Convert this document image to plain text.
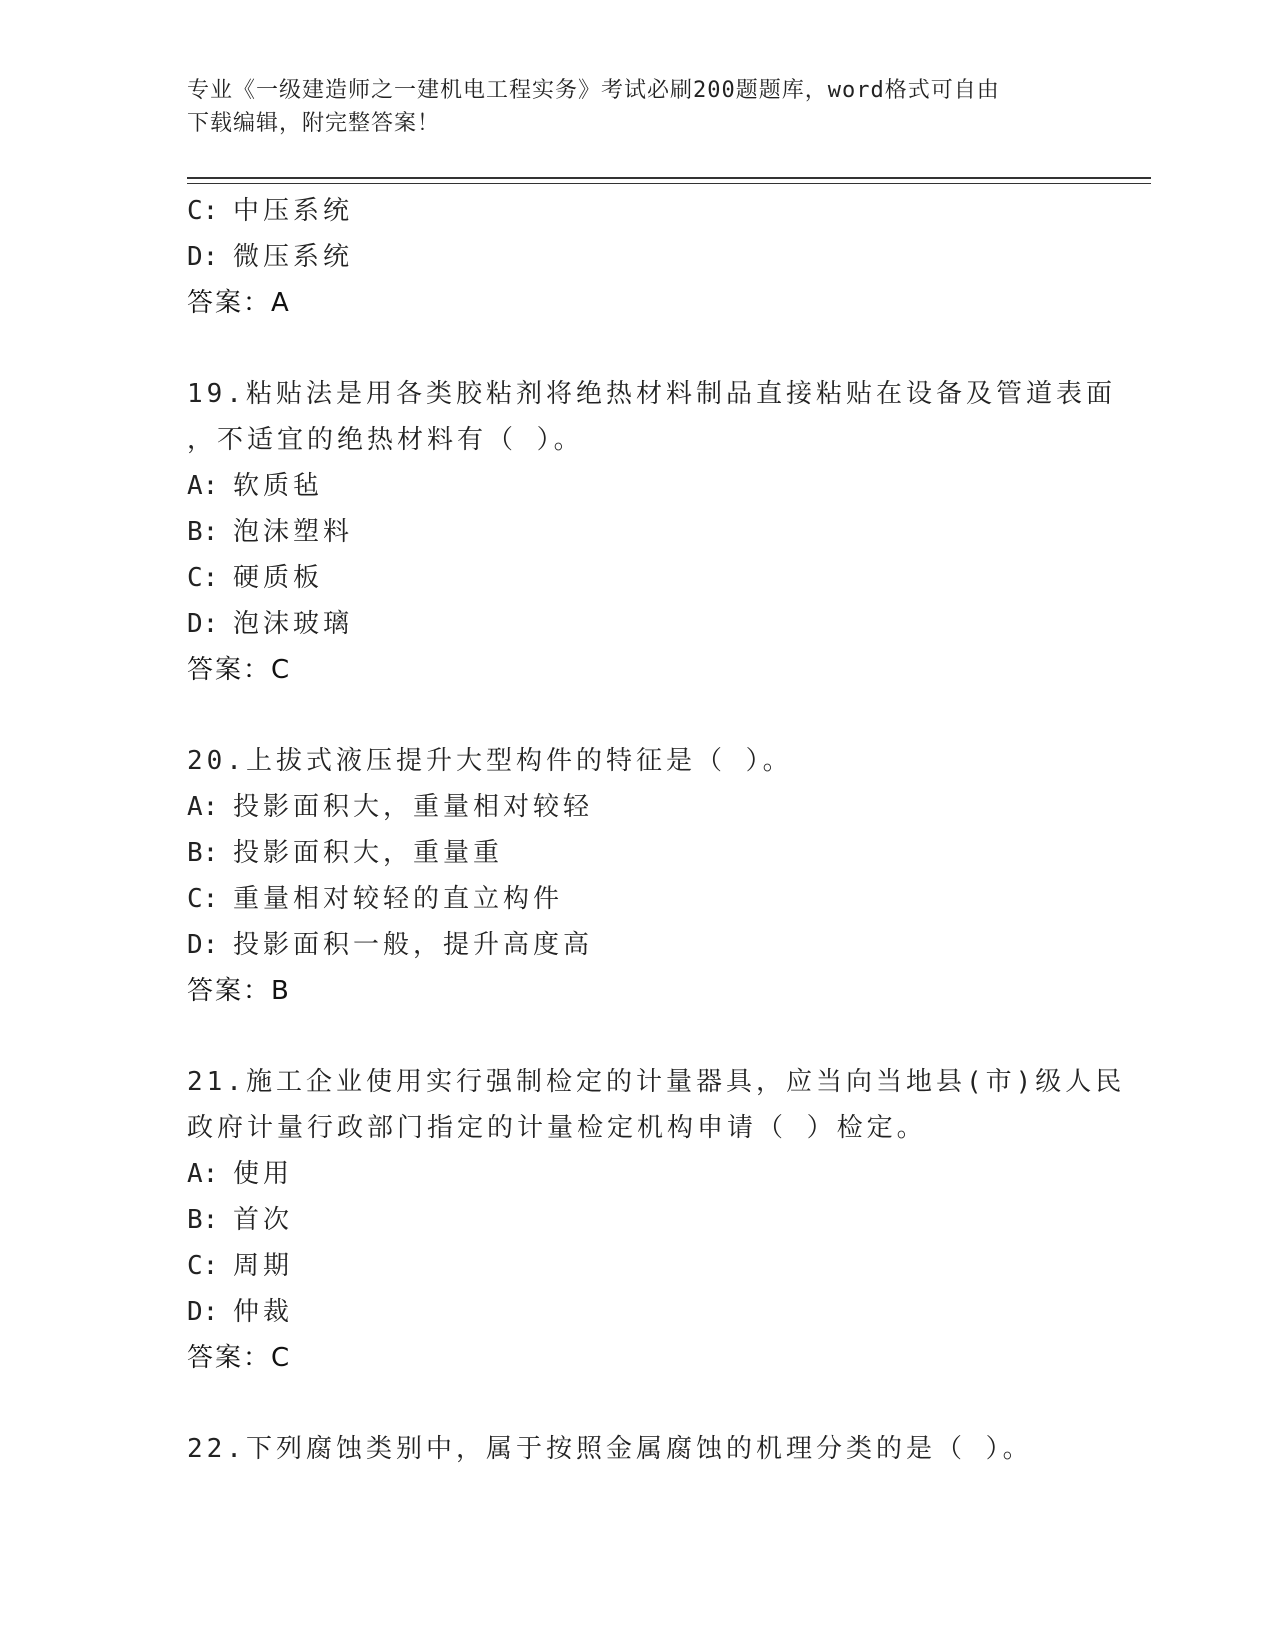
专业《一级建造师之一建机电工程实务》考试必刷200题题库，word格式可自由
下载编辑，附完整答案！
C: 中压系统
D: 微压系统
答案：A
19.粘贴法是用各类胶粘剂将绝热材料制品直接粘贴在设备及管道表面
，不适宜的绝热材料有（ ）。
A: 软质毡
B: 泡沫塑料
C: 硬质板
D: 泡沫玻璃
答案：C
20.上拔式液压提升大型构件的特征是（ ）。
A: 投影面积大，重量相对较轻
B: 投影面积大，重量重
C: 重量相对较轻的直立构件
D: 投影面积一般，提升高度高
答案：B
21.施工企业使用实行强制检定的计量器具，应当向当地县(市)级人民
政府计量行政部门指定的计量检定机构申请（ ）检定。
A: 使用
B: 首次
C: 周期
D: 仲裁
答案：C
22.下列腐蚀类别中，属于按照金属腐蚀的机理分类的是（ ）。
